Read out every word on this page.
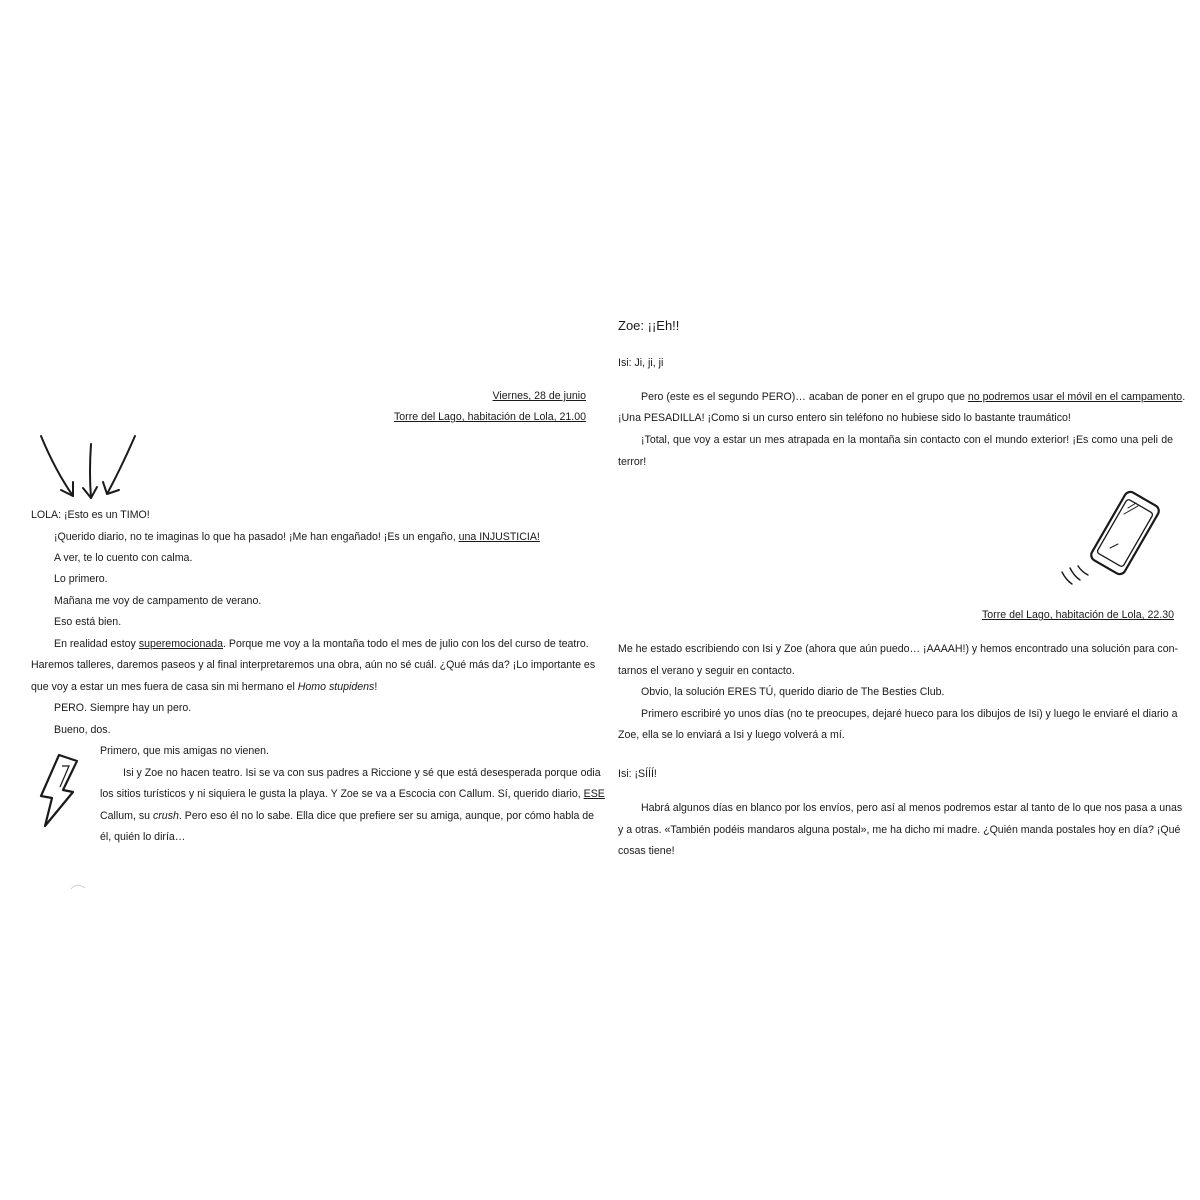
Viernes, 28 de junio
Torre del Lago, habitación de Lola, 21.00
LOLA: ¡Esto es un TIMO!
¡Querido diario, no te imaginas lo que ha pasado! ¡Me han engañado! ¡Es un engaño, una INJUSTICIA!
A ver, te lo cuento con calma.
Lo primero.
Mañana me voy de campamento de verano.
Eso está bien.
En realidad estoy superemocionada. Porque me voy a la montaña todo el mes de julio con los del curso de teatro.
Haremos talleres, daremos paseos y al final interpretaremos una obra, aún no sé cuál. ¿Qué más da? ¡Lo importante es
que voy a estar un mes fuera de casa sin mi hermano el Homo stupidens!
PERO. Siempre hay un pero.
Bueno, dos.
Primero, que mis amigas no vienen.
Isi y Zoe no hacen teatro. Isi se va con sus padres a Riccione y sé que está desesperada porque odia
los sitios turísticos y ni siquiera le gusta la playa. Y Zoe se va a Escocia con Callum. Sí, querido diario, ESE
Callum, su crush. Pero eso él no lo sabe. Ella dice que prefiere ser su amiga, aunque, por cómo habla de
él, quién lo diría…
Zoe: ¡¡Eh!!
Isi: Ji, ji, ji
Pero (este es el segundo PERO)… acaban de poner en el grupo que no podremos usar el móvil en el campamento.
¡Una PESADILLA! ¡Como si un curso entero sin teléfono no hubiese sido lo bastante traumático!
¡Total, que voy a estar un mes atrapada en la montaña sin contacto con el mundo exterior! ¡Es como una peli de
terror!
Torre del Lago, habitación de Lola, 22.30
Me he estado escribiendo con Isi y Zoe (ahora que aún puedo… ¡AAAAH!) y hemos encontrado una solución para con-
tarnos el verano y seguir en contacto.
Obvio, la solución ERES TÚ, querido diario de The Besties Club.
Primero escribiré yo unos días (no te preocupes, dejaré hueco para los dibujos de Isi) y luego le enviaré el diario a
Zoe, ella se lo enviará a Isi y luego volverá a mí.
Isi: ¡SÍÍÍ!
Habrá algunos días en blanco por los envíos, pero así al menos podremos estar al tanto de lo que nos pasa a unas
y a otras. «También podéis mandaros alguna postal», me ha dicho mi madre. ¿Quién manda postales hoy en día? ¡Qué
cosas tiene!
